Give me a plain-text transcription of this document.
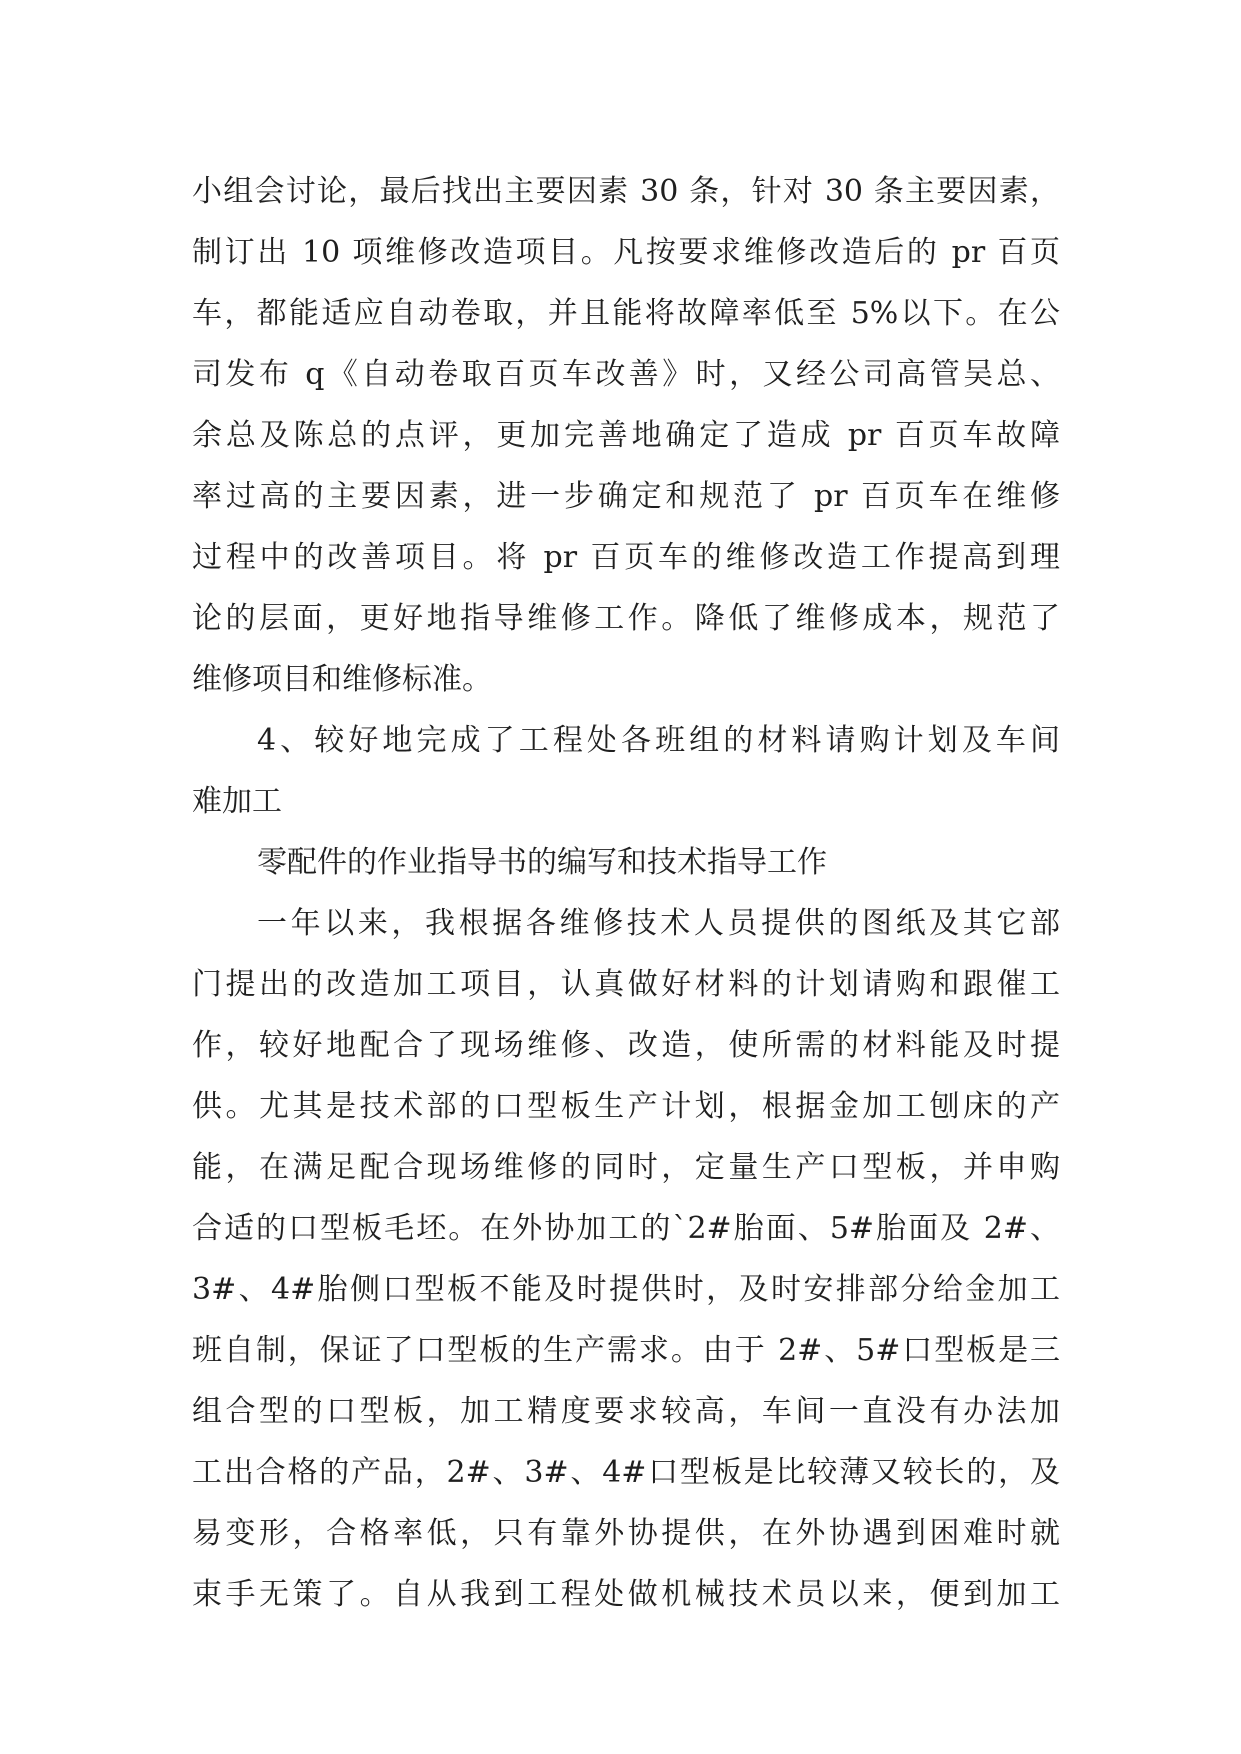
小组会讨论，最后找出主要因素 30 条，针对 30 条主要因素，
制订出 10 项维修改造项目。凡按要求维修改造后的 pr 百页
车，都能适应自动卷取，并且能将故障率低至 5%以下。在公
司发布 q《自动卷取百页车改善》时，又经公司高管吴总、
余总及陈总的点评，更加完善地确定了造成 pr 百页车故障
率过高的主要因素，进一步确定和规范了 pr 百页车在维修
过程中的改善项目。将 pr 百页车的维修改造工作提高到理
论的层面，更好地指导维修工作。降低了维修成本，规范了
维修项目和维修标准。
4、较好地完成了工程处各班组的材料请购计划及车间
难加工
零配件的作业指导书的编写和技术指导工作
一年以来，我根据各维修技术人员提供的图纸及其它部
门提出的改造加工项目，认真做好材料的计划请购和跟催工
作，较好地配合了现场维修、改造，使所需的材料能及时提
供。尤其是技术部的口型板生产计划，根据金加工刨床的产
能，在满足配合现场维修的同时，定量生产口型板，并申购
合适的口型板毛坯。在外协加工的`2#胎面、5#胎面及 2#、
3#、4#胎侧口型板不能及时提供时，及时安排部分给金加工
班自制，保证了口型板的生产需求。由于 2#、5#口型板是三
组合型的口型板，加工精度要求较高，车间一直没有办法加
工出合格的产品，2#、3#、4#口型板是比较薄又较长的，及
易变形，合格率低，只有靠外协提供，在外协遇到困难时就
束手无策了。自从我到工程处做机械技术员以来，便到加工
